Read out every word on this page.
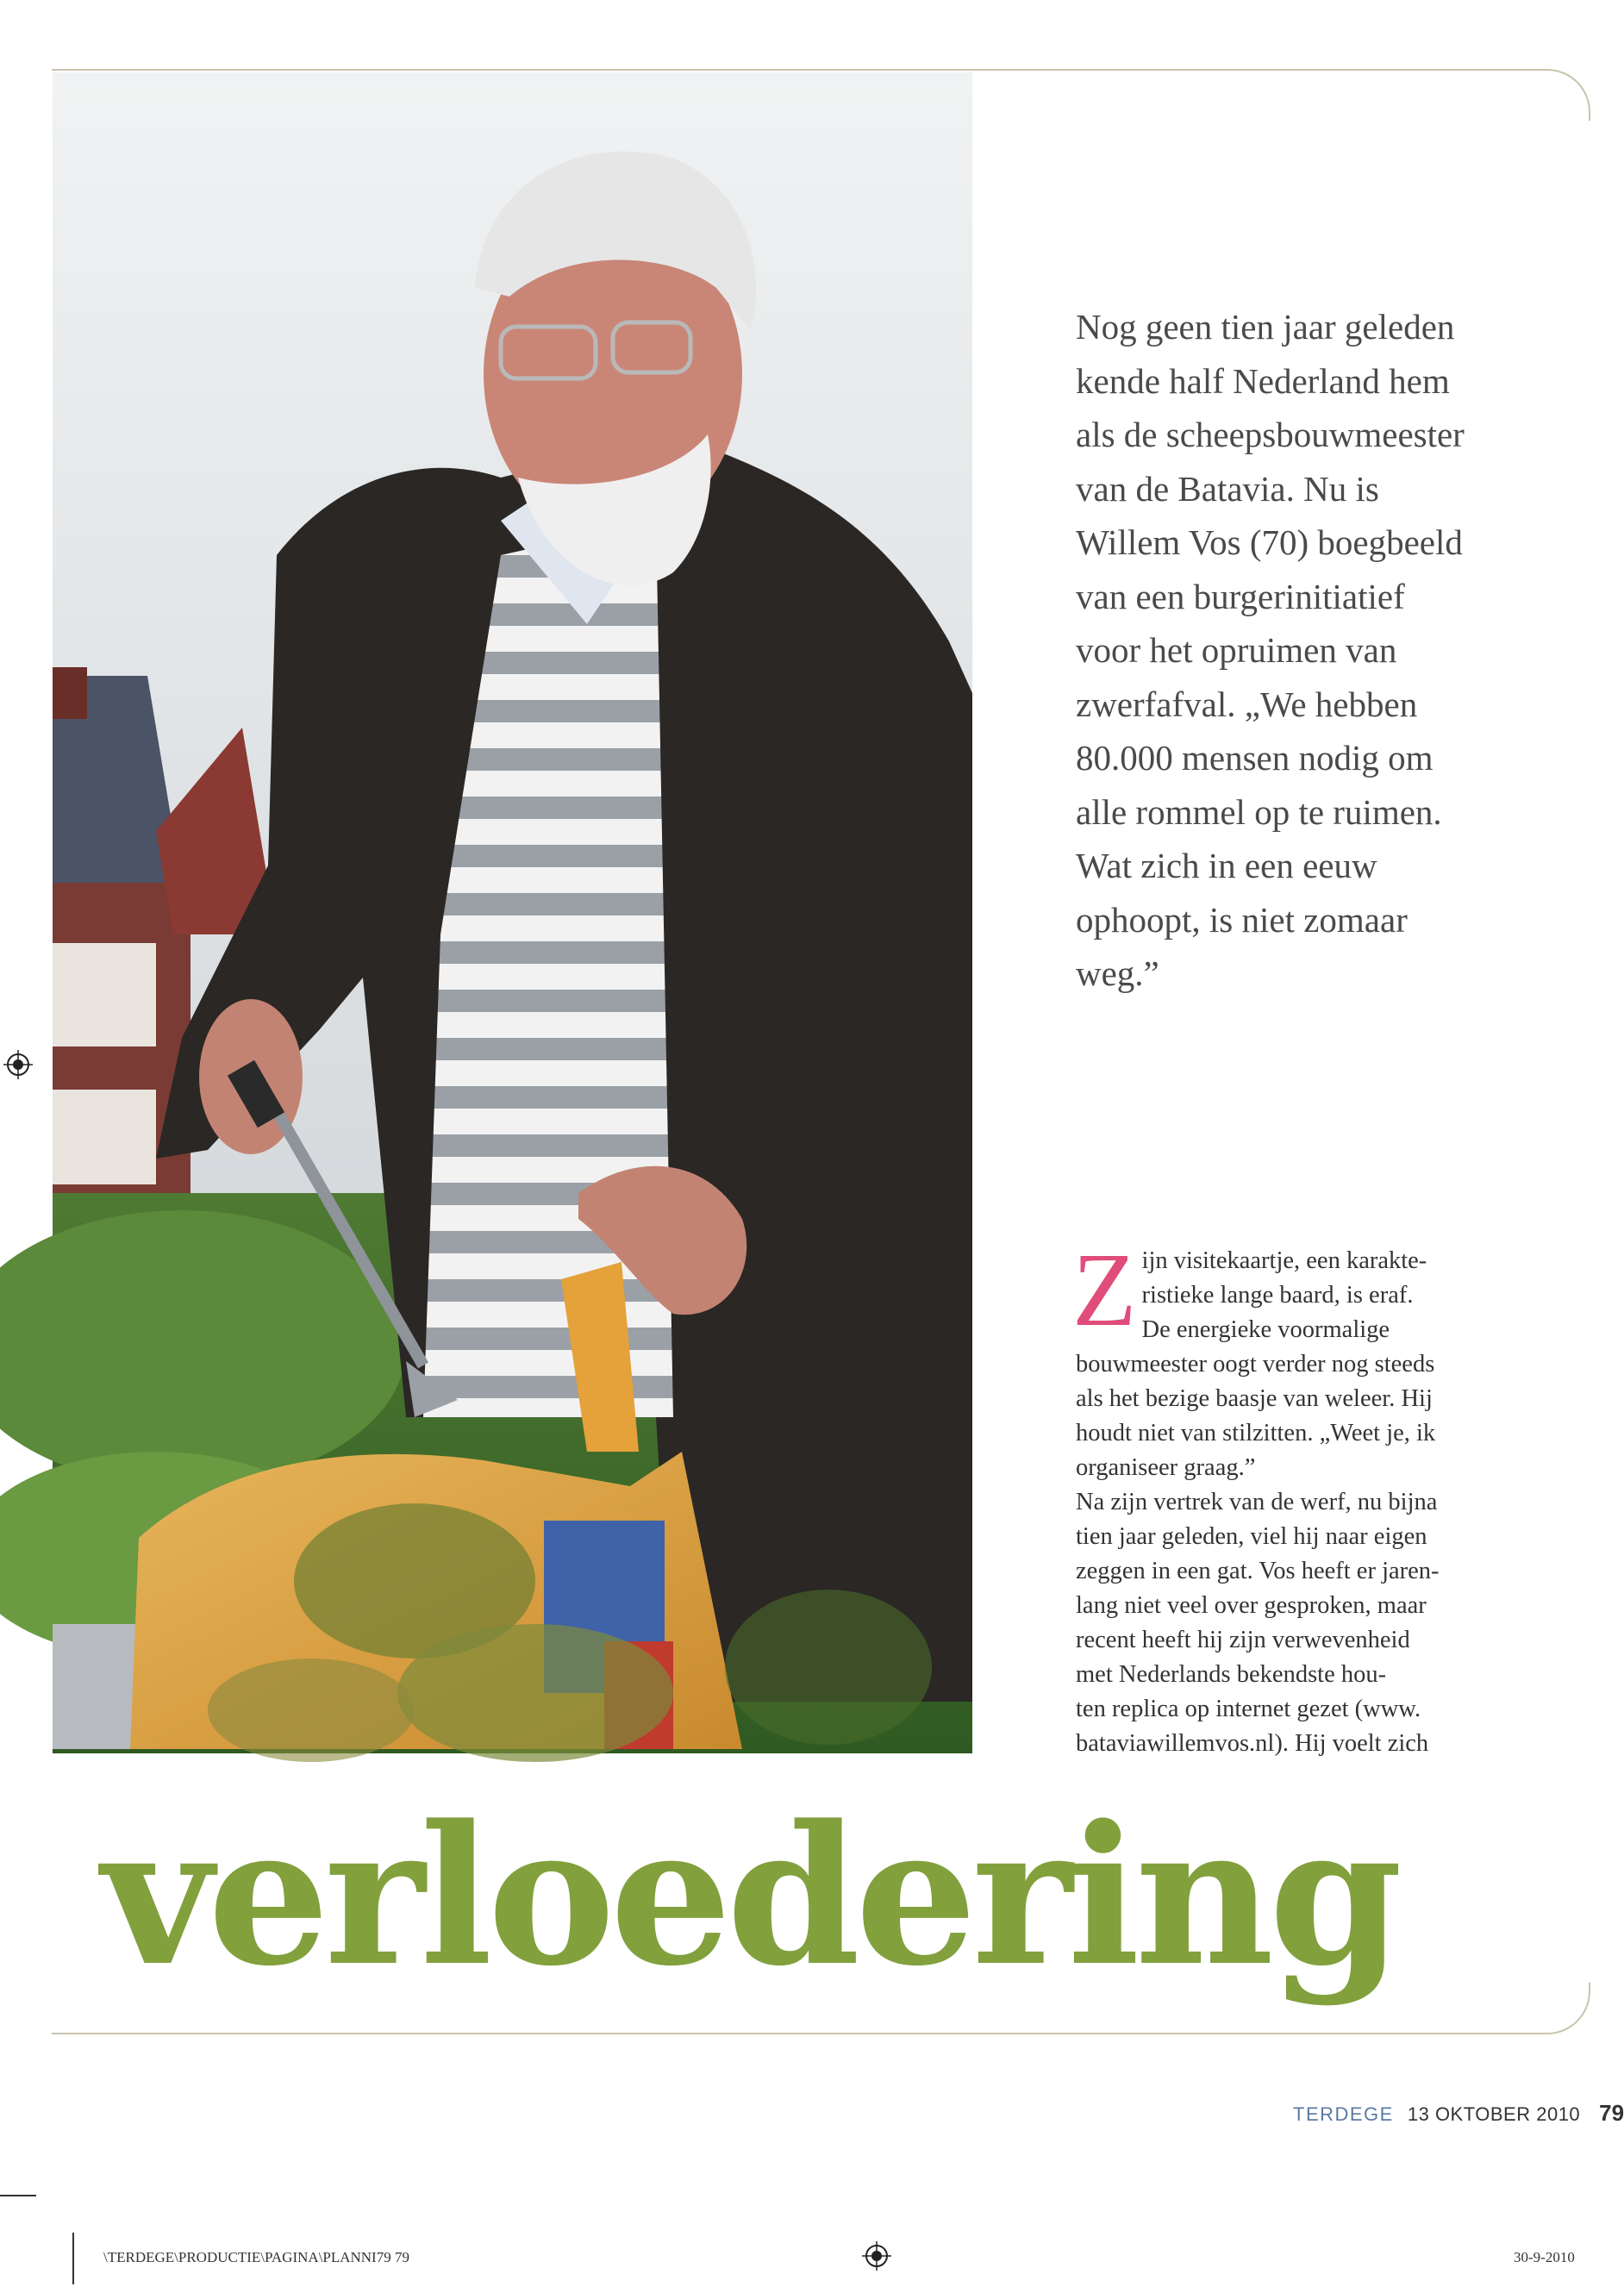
Nog geen tien jaar geleden
kende half Nederland hem
als de scheepsbouwmeester
van de Batavia. Nu is
Willem Vos (70) boegbeeld
van een burgerinitiatief
voor het opruimen van
zwerfafval. „We hebben
80.000 mensen nodig om
alle rommel op te ruimen.
Wat zich in een eeuw
ophoopt, is niet zomaar
weg.”
Z ijn visitekaartje, een karakte-
ristieke lange baard, is eraf.
De energieke voormalige
bouwmeester oogt verder nog steeds
als het bezige baasje van weleer. Hij
houdt niet van stilzitten. „Weet je, ik
organiseer graag.”

Na zijn vertrek van de werf, nu bijna
tien jaar geleden, viel hij naar eigen
zeggen in een gat. Vos heeft er jaren-
lang niet veel over gesproken, maar
recent heeft hij zijn verwevenheid
met Nederlands bekendste hou-
ten replica op internet gezet (www.
bataviawillemvos.nl). Hij voelt zich

verloedering
TERDEGE 13 OKTOBER 2010 79
\TERDEGE\PRODUCTIE\PAGINA\PLANNI79 79	30-9-2010
